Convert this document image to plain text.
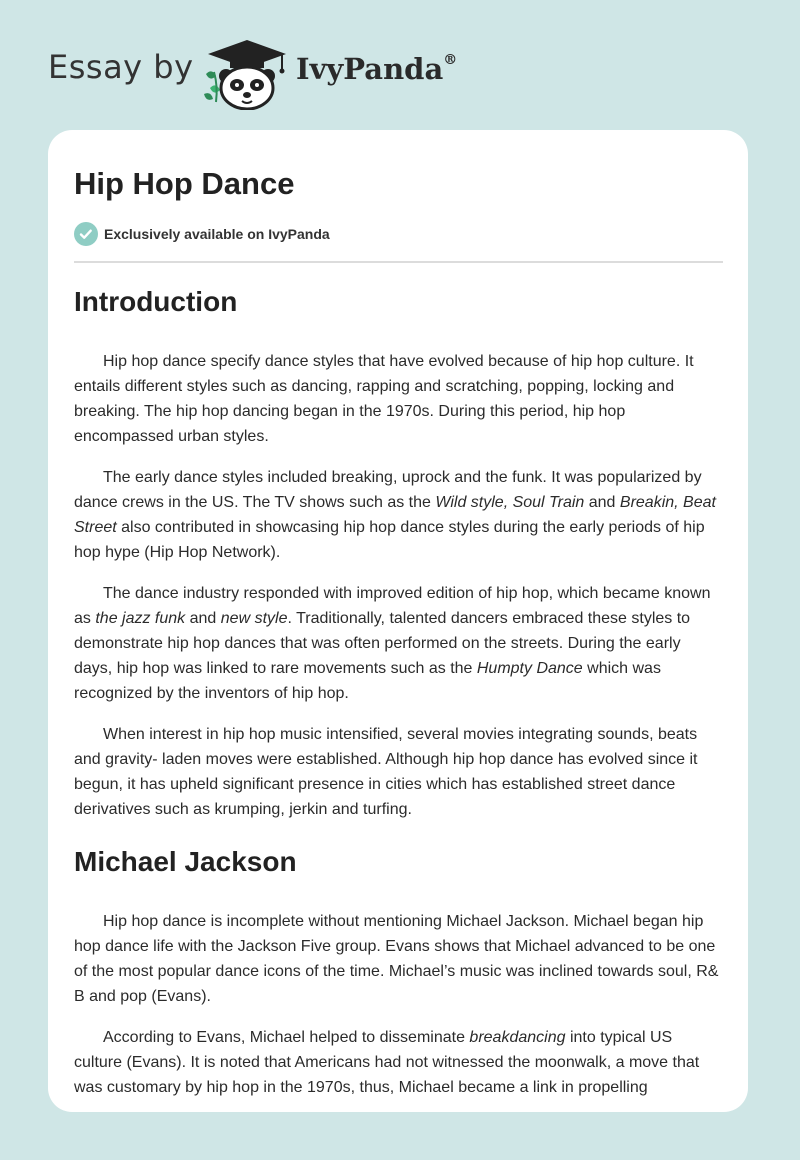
Essay by	IvyPanda®
Hip Hop Dance
Exclusively available on IvyPanda
Introduction

Hip hop dance specify dance styles that have evolved because of hip hop culture. It entails different styles such as dancing, rapping and scratching, popping, locking and breaking. The hip hop dancing began in the 1970s. During this period, hip hop encompassed urban styles.

The early dance styles included breaking, uprock and the funk. It was popularized by dance crews in the US. The TV shows such as the Wild style, Soul Train and Breakin, Beat Street also contributed in showcasing hip hop dance styles during the early periods of hip hop hype (Hip Hop Network).

The dance industry responded with improved edition of hip hop, which became known as the jazz funk and new style. Traditionally, talented dancers embraced these styles to demonstrate hip hop dances that was often performed on the streets. During the early days, hip hop was linked to rare movements such as the Humpty Dance which was recognized by the inventors of hip hop.

When interest in hip hop music intensified, several movies integrating sounds, beats and gravity- laden moves were established. Although hip hop dance has evolved since it begun, it has upheld significant presence in cities which has established street dance derivatives such as krumping, jerkin and turfing.

Michael Jackson

Hip hop dance is incomplete without mentioning Michael Jackson. Michael began hip hop dance life with the Jackson Five group. Evans shows that Michael advanced to be one of the most popular dance icons of the time. Michael’s music was inclined towards soul, R& B and pop (Evans).

According to Evans, Michael helped to disseminate breakdancing into typical US culture (Evans). It is noted that Americans had not witnessed the moonwalk, a move that was customary by hip hop in the 1970s, thus, Michael became a link in propelling
